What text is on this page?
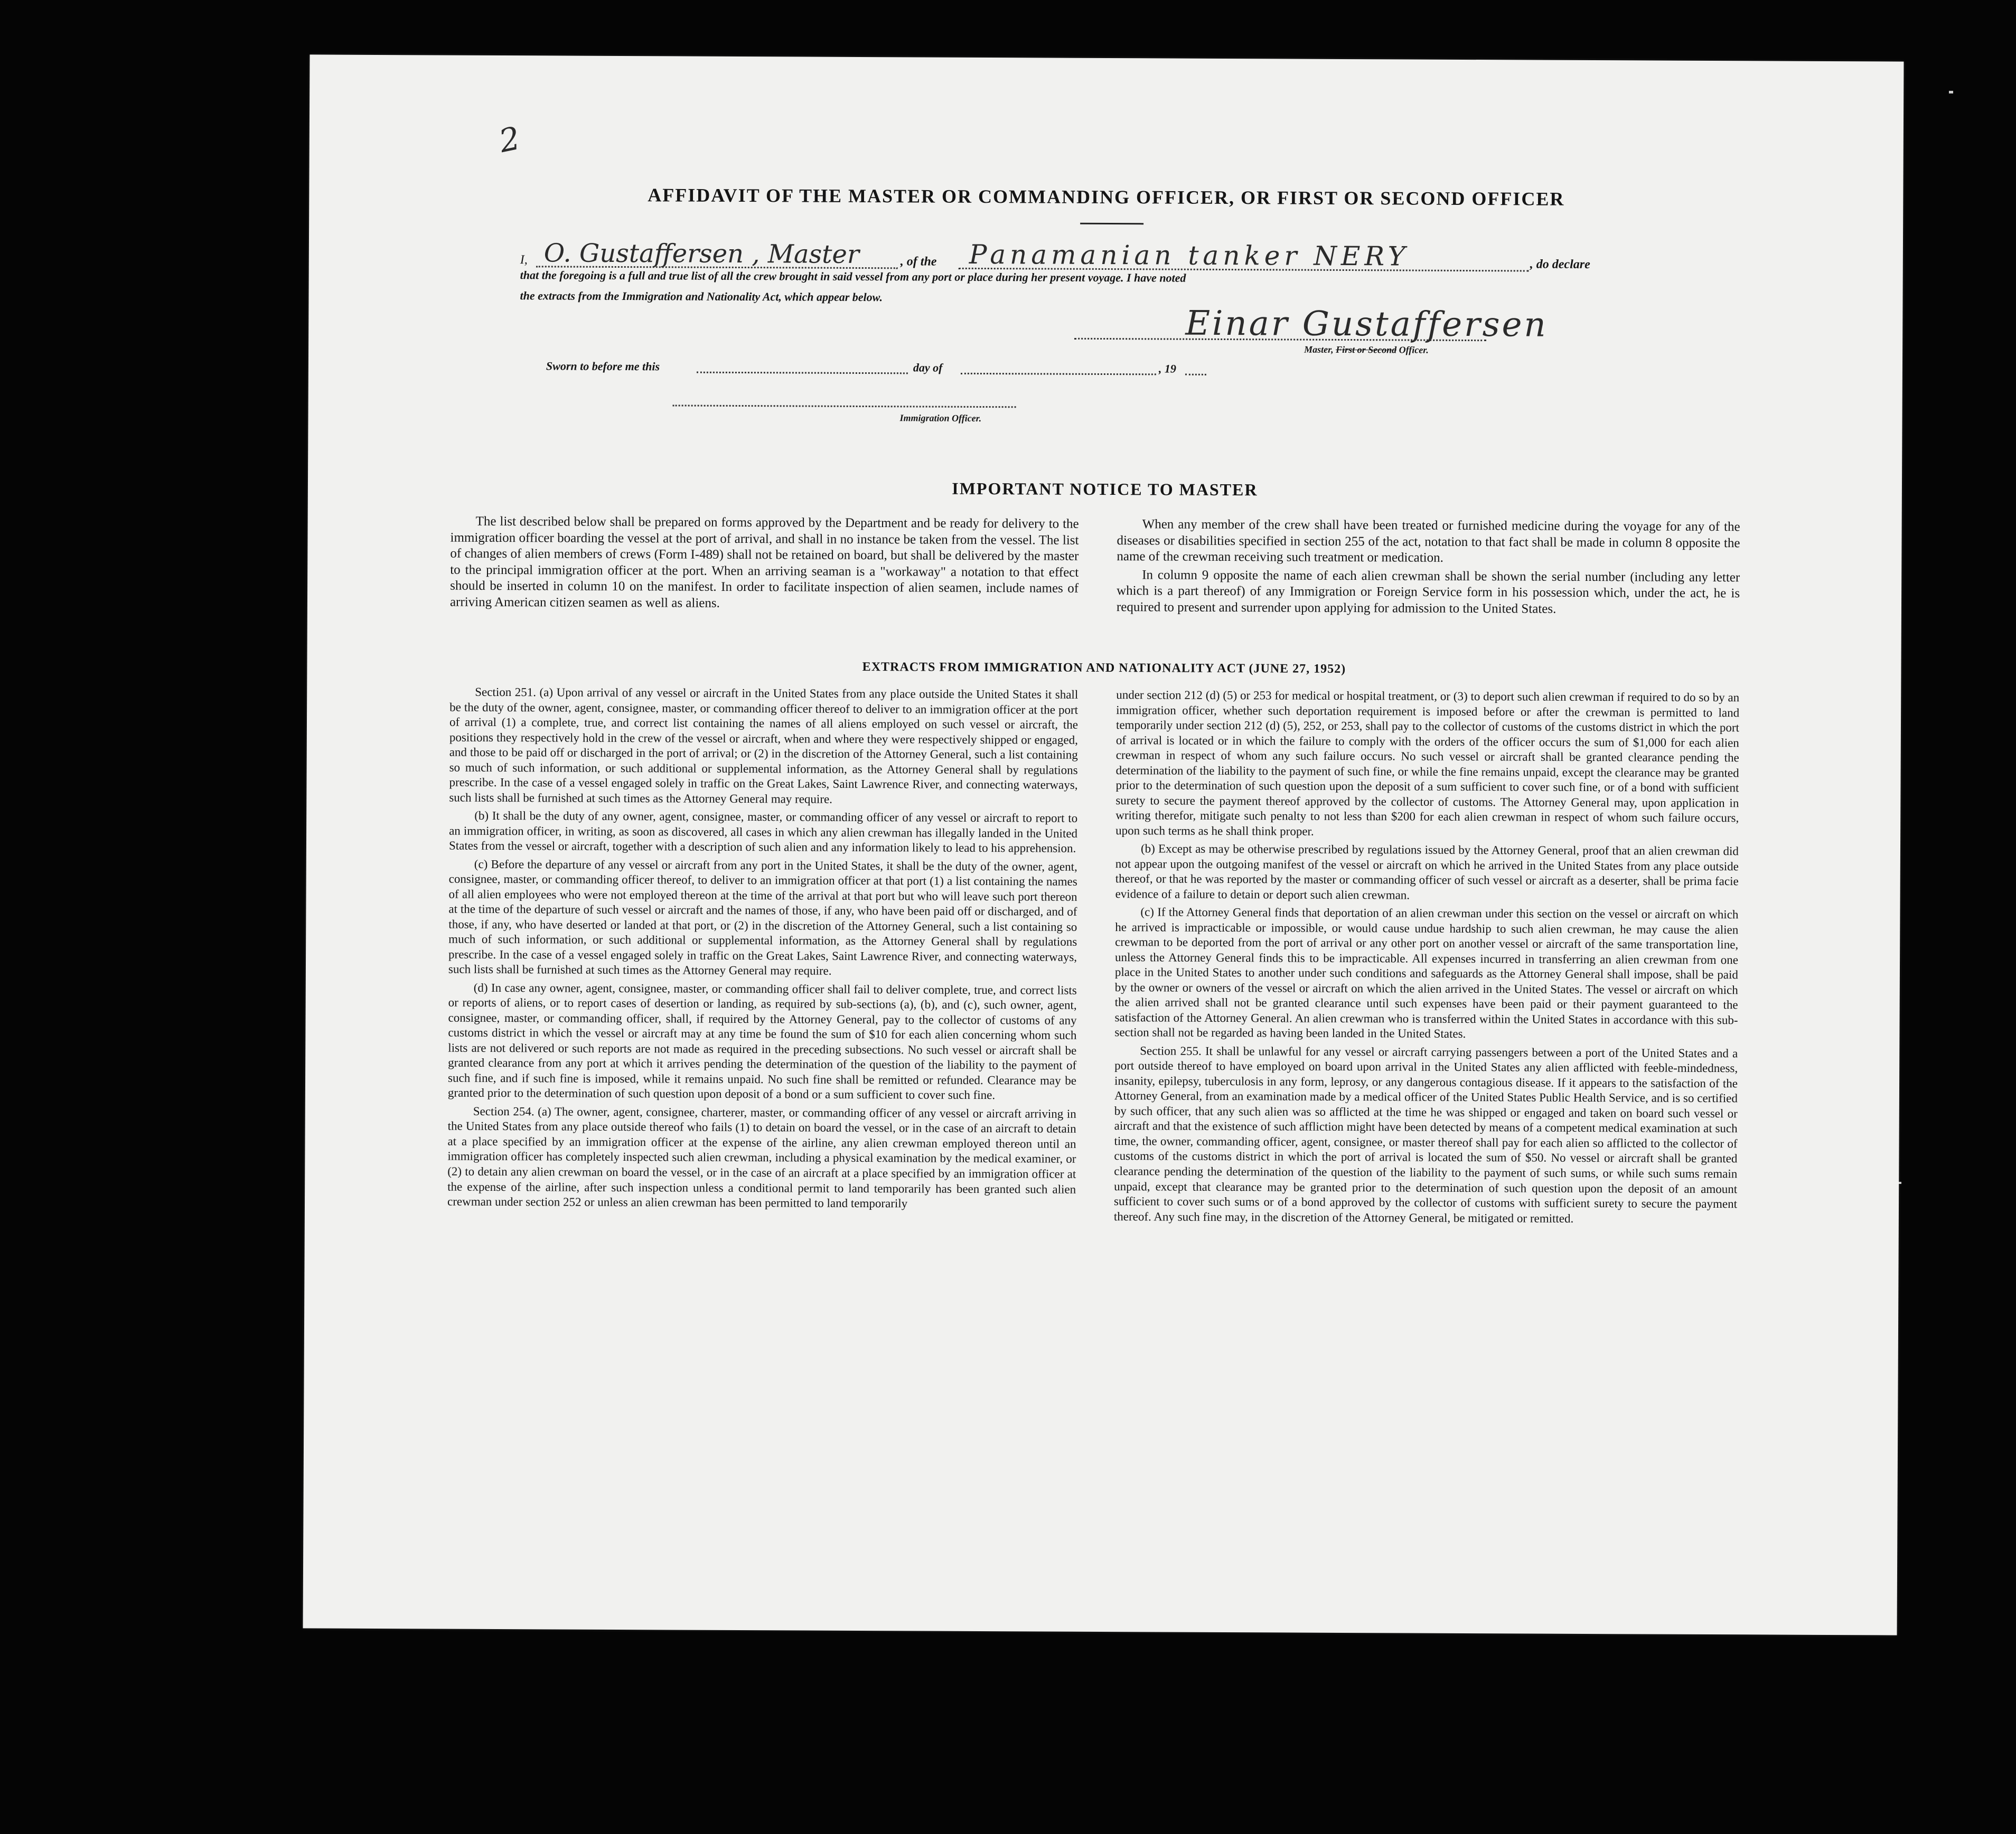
2
AFFIDAVIT OF THE MASTER OR COMMANDING OFFICER, OR FIRST OR SECOND OFFICER
I, O. Gustaffersen , Master	, of the Panamanian tanker NERY	, do declare
that the foregoing is a full and true list of all the crew brought in said vessel from any port or place during her present voyage. I have noted
the extracts from the Immigration and Nationality Act, which appear below.
Einar Gustaffersen
Master, First or Second Officer.
Sworn to before me this	day of	, 19
Immigration Officer.
IMPORTANT NOTICE TO MASTER

The list described below shall be prepared on forms approved by the Department and be ready for delivery to the immigration officer boarding the vessel at the port of arrival, and shall in no instance be taken from the vessel. The list of changes of alien members of crews (Form I-489) shall not be retained on board, but shall be delivered by the master to the principal immigration officer at the port. When an arriving seaman is a "workaway" a notation to that effect should be inserted in column 10 on the manifest. In order to facilitate inspection of alien seamen, include names of arriving American citizen seamen as well as aliens.

When any member of the crew shall have been treated or furnished medicine during the voyage for any of the diseases or disabilities specified in section 255 of the act, notation to that fact shall be made in column 8 opposite the name of the crewman receiving such treatment or medication.

In column 9 opposite the name of each alien crewman shall be shown the serial number (including any letter which is a part thereof) of any Immigration or Foreign Service form in his possession which, under the act, he is required to present and surrender upon applying for admission to the United States.

EXTRACTS FROM IMMIGRATION AND NATIONALITY ACT (JUNE 27, 1952)

Section 251. (a) Upon arrival of any vessel or aircraft in the United States from any place outside the United States it shall be the duty of the owner, agent, consignee, master, or commanding officer thereof to deliver to an immigration officer at the port of arrival (1) a complete, true, and correct list containing the names of all aliens employed on such vessel or aircraft, the positions they respectively hold in the crew of the vessel or aircraft, when and where they were respectively shipped or engaged, and those to be paid off or discharged in the port of arrival; or (2) in the discretion of the Attorney General, such a list containing so much of such information, or such additional or supplemental information, as the Attorney General shall by regulations prescribe. In the case of a vessel engaged solely in traffic on the Great Lakes, Saint Lawrence River, and connecting waterways, such lists shall be furnished at such times as the Attorney General may require.

(b) It shall be the duty of any owner, agent, consignee, master, or commanding officer of any vessel or aircraft to report to an immigration officer, in writing, as soon as discovered, all cases in which any alien crewman has illegally landed in the United States from the vessel or aircraft, together with a description of such alien and any information likely to lead to his apprehension.

(c) Before the departure of any vessel or aircraft from any port in the United States, it shall be the duty of the owner, agent, consignee, master, or commanding officer thereof, to deliver to an immigration officer at that port (1) a list containing the names of all alien employees who were not employed thereon at the time of the arrival at that port but who will leave such port thereon at the time of the departure of such vessel or aircraft and the names of those, if any, who have been paid off or discharged, and of those, if any, who have deserted or landed at that port, or (2) in the discretion of the Attorney General, such a list containing so much of such information, or such additional or supplemental information, as the Attorney General shall by regulations prescribe. In the case of a vessel engaged solely in traffic on the Great Lakes, Saint Lawrence River, and connecting waterways, such lists shall be furnished at such times as the Attorney General may require.

(d) In case any owner, agent, consignee, master, or commanding officer shall fail to deliver complete, true, and correct lists or reports of aliens, or to report cases of desertion or landing, as required by sub-sections (a), (b), and (c), such owner, agent, consignee, master, or commanding officer, shall, if required by the Attorney General, pay to the collector of customs of any customs district in which the vessel or aircraft may at any time be found the sum of $10 for each alien concerning whom such lists are not delivered or such reports are not made as required in the preceding subsections. No such vessel or aircraft shall be granted clearance from any port at which it arrives pending the determination of the question of the liability to the payment of such fine, and if such fine is imposed, while it remains unpaid. No such fine shall be remitted or refunded. Clearance may be granted prior to the determination of such question upon deposit of a bond or a sum sufficient to cover such fine.

Section 254. (a) The owner, agent, consignee, charterer, master, or commanding officer of any vessel or aircraft arriving in the United States from any place outside thereof who fails (1) to detain on board the vessel, or in the case of an aircraft to detain at a place specified by an immigration officer at the expense of the airline, any alien crewman employed thereon until an immigration officer has completely inspected such alien crewman, including a physical examination by the medical examiner, or (2) to detain any alien crewman on board the vessel, or in the case of an aircraft at a place specified by an immigration officer at the expense of the airline, after such inspection unless a conditional permit to land temporarily has been granted such alien crewman under section 252 or unless an alien crewman has been permitted to land temporarily

under section 212 (d) (5) or 253 for medical or hospital treatment, or (3) to deport such alien crewman if required to do so by an immigration officer, whether such deportation requirement is imposed before or after the crewman is permitted to land temporarily under section 212 (d) (5), 252, or 253, shall pay to the collector of customs of the customs district in which the port of arrival is located or in which the failure to comply with the orders of the officer occurs the sum of $1,000 for each alien crewman in respect of whom any such failure occurs. No such vessel or aircraft shall be granted clearance pending the determination of the liability to the payment of such fine, or while the fine remains unpaid, except the clearance may be granted prior to the determination of such question upon the deposit of a sum sufficient to cover such fine, or of a bond with sufficient surety to secure the payment thereof approved by the collector of customs. The Attorney General may, upon application in writing therefor, mitigate such penalty to not less than $200 for each alien crewman in respect of whom such failure occurs, upon such terms as he shall think proper.

(b) Except as may be otherwise prescribed by regulations issued by the Attorney General, proof that an alien crewman did not appear upon the outgoing manifest of the vessel or aircraft on which he arrived in the United States from any place outside thereof, or that he was reported by the master or commanding officer of such vessel or aircraft as a deserter, shall be prima facie evidence of a failure to detain or deport such alien crewman.

(c) If the Attorney General finds that deportation of an alien crewman under this section on the vessel or aircraft on which he arrived is impracticable or impossible, or would cause undue hardship to such alien crewman, he may cause the alien crewman to be deported from the port of arrival or any other port on another vessel or aircraft of the same transportation line, unless the Attorney General finds this to be impracticable. All expenses incurred in transferring an alien crewman from one place in the United States to another under such conditions and safeguards as the Attorney General shall impose, shall be paid by the owner or owners of the vessel or aircraft on which the alien arrived in the United States. The vessel or aircraft on which the alien arrived shall not be granted clearance until such expenses have been paid or their payment guaranteed to the satisfaction of the Attorney General. An alien crewman who is transferred within the United States in accordance with this sub-section shall not be regarded as having been landed in the United States.

Section 255. It shall be unlawful for any vessel or aircraft carrying passengers between a port of the United States and a port outside thereof to have employed on board upon arrival in the United States any alien afflicted with feeble-mindedness, insanity, epilepsy, tuberculosis in any form, leprosy, or any dangerous contagious disease. If it appears to the satisfaction of the Attorney General, from an examination made by a medical officer of the United States Public Health Service, and is so certified by such officer, that any such alien was so afflicted at the time he was shipped or engaged and taken on board such vessel or aircraft and that the existence of such affliction might have been detected by means of a competent medical examination at such time, the owner, commanding officer, agent, consignee, or master thereof shall pay for each alien so afflicted to the collector of customs of the customs district in which the port of arrival is located the sum of $50. No vessel or aircraft shall be granted clearance pending the determination of the question of the liability to the payment of such sums, or while such sums remain unpaid, except that clearance may be granted prior to the determination of such question upon the deposit of an amount sufficient to cover such sums or of a bond approved by the collector of customs with sufficient surety to secure the payment thereof. Any such fine may, in the discretion of the Attorney General, be mitigated or remitted.
